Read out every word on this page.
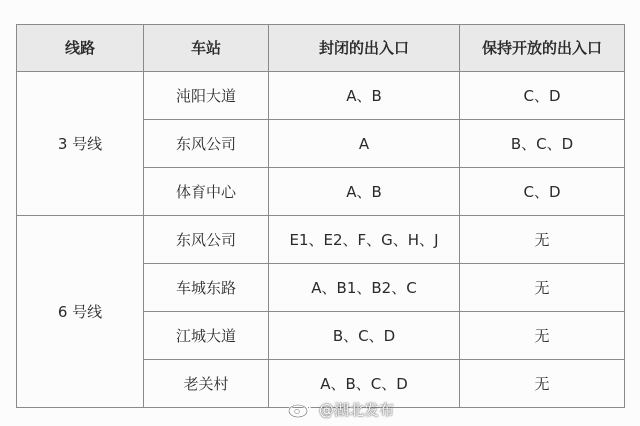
线路	车站	封闭的出入口	保持开放的出入口
3 号线	沌阳大道	A、B	C、D
	东风公司	A	B、C、D
	体育中心	A、B	C、D
6 号线	东风公司	E1、E2、F、G、H、J	无
	车城东路	A、B1、B2、C	无
	江城大道	B、C、D	无
	老关村	A、B、C、D	无
@湖北发布
